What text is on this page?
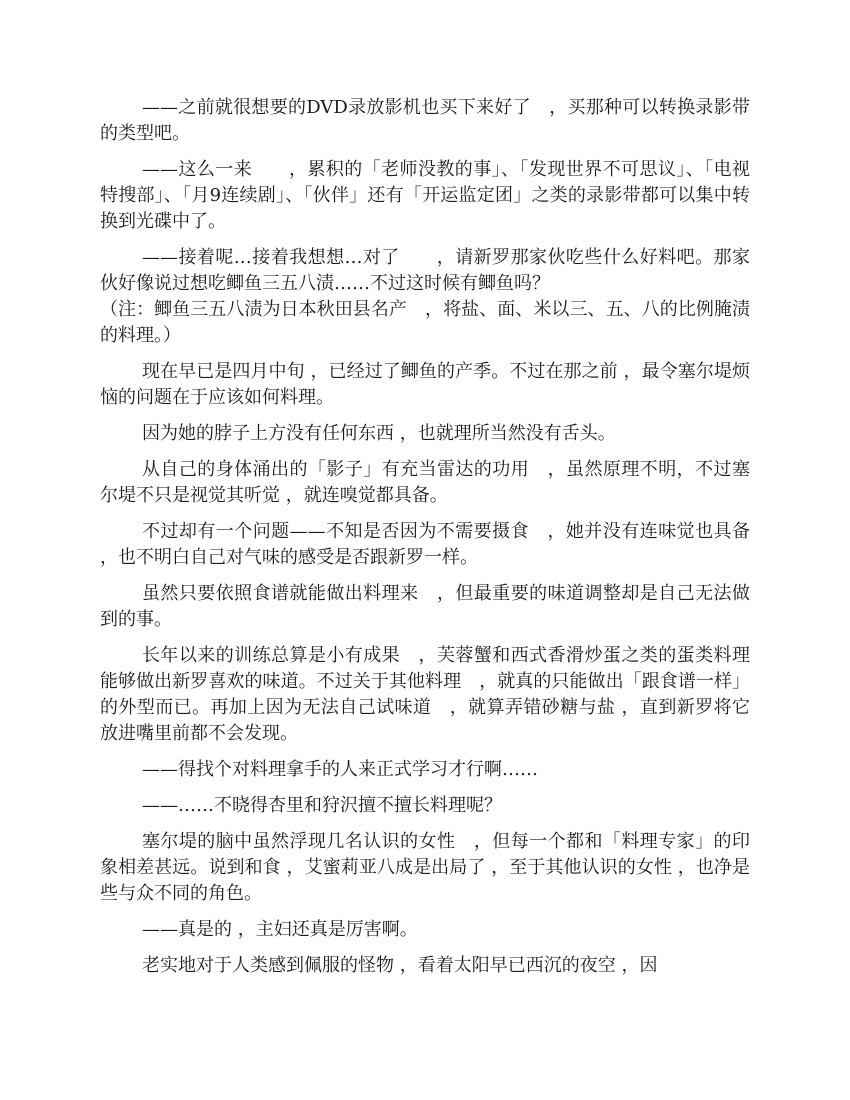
——之前就很想要的DVD录放影机也买下来好了　，买那种可以转换录影带的类型吧。

——这么一来　　，累积的「老师没教的事」、「发现世界不可思议」、「电视特搜部」、「月9连续剧」、「伙伴」还有「开运监定团」之类的录影带都可以集中转换到光碟中了。

——接着呢…接着我想想…对了　　，请新罗那家伙吃些什么好料吧。那家伙好像说过想吃鲫鱼三五八渍……不过这时候有鲫鱼吗？

（注：鲫鱼三五八渍为日本秋田县名产　，将盐、面、米以三、五、八的比例腌渍的料理。）

现在早已是四月中旬 ，已经过了鲫鱼的产季。不过在那之前 ，最令塞尔堤烦恼的问题在于应该如何料理。

因为她的脖子上方没有任何东西 ，也就理所当然没有舌头。

从自己的身体涌出的「影子」有充当雷达的功用　，虽然原理不明，不过塞尔堤不只是视觉其听觉 ，就连嗅觉都具备。

不过却有一个问题——不知是否因为不需要摄食　，她并没有连味觉也具备 ，也不明白自己对气味的感受是否跟新罗一样。

虽然只要依照食谱就能做出料理来　，但最重要的味道调整却是自己无法做到的事。

长年以来的训练总算是小有成果　，芙蓉蟹和西式香滑炒蛋之类的蛋类料理能够做出新罗喜欢的味道。不过关于其他料理　，就真的只能做出「跟食谱一样」的外型而已。再加上因为无法自己试味道　，就算弄错砂糖与盐 ，直到新罗将它放进嘴里前都不会发现。

——得找个对料理拿手的人来正式学习才行啊……

——……不晓得杏里和狩沢擅不擅长料理呢？

塞尔堤的脑中虽然浮现几名认识的女性　，但每一个都和「料理专家」的印象相差甚远。说到和食 ，艾蜜莉亚八成是出局了 ，至于其他认识的女性 ，也净是些与众不同的角色。

——真是的 ，主妇还真是厉害啊。

老实地对于人类感到佩服的怪物 ，看着太阳早已西沉的夜空 ，因
